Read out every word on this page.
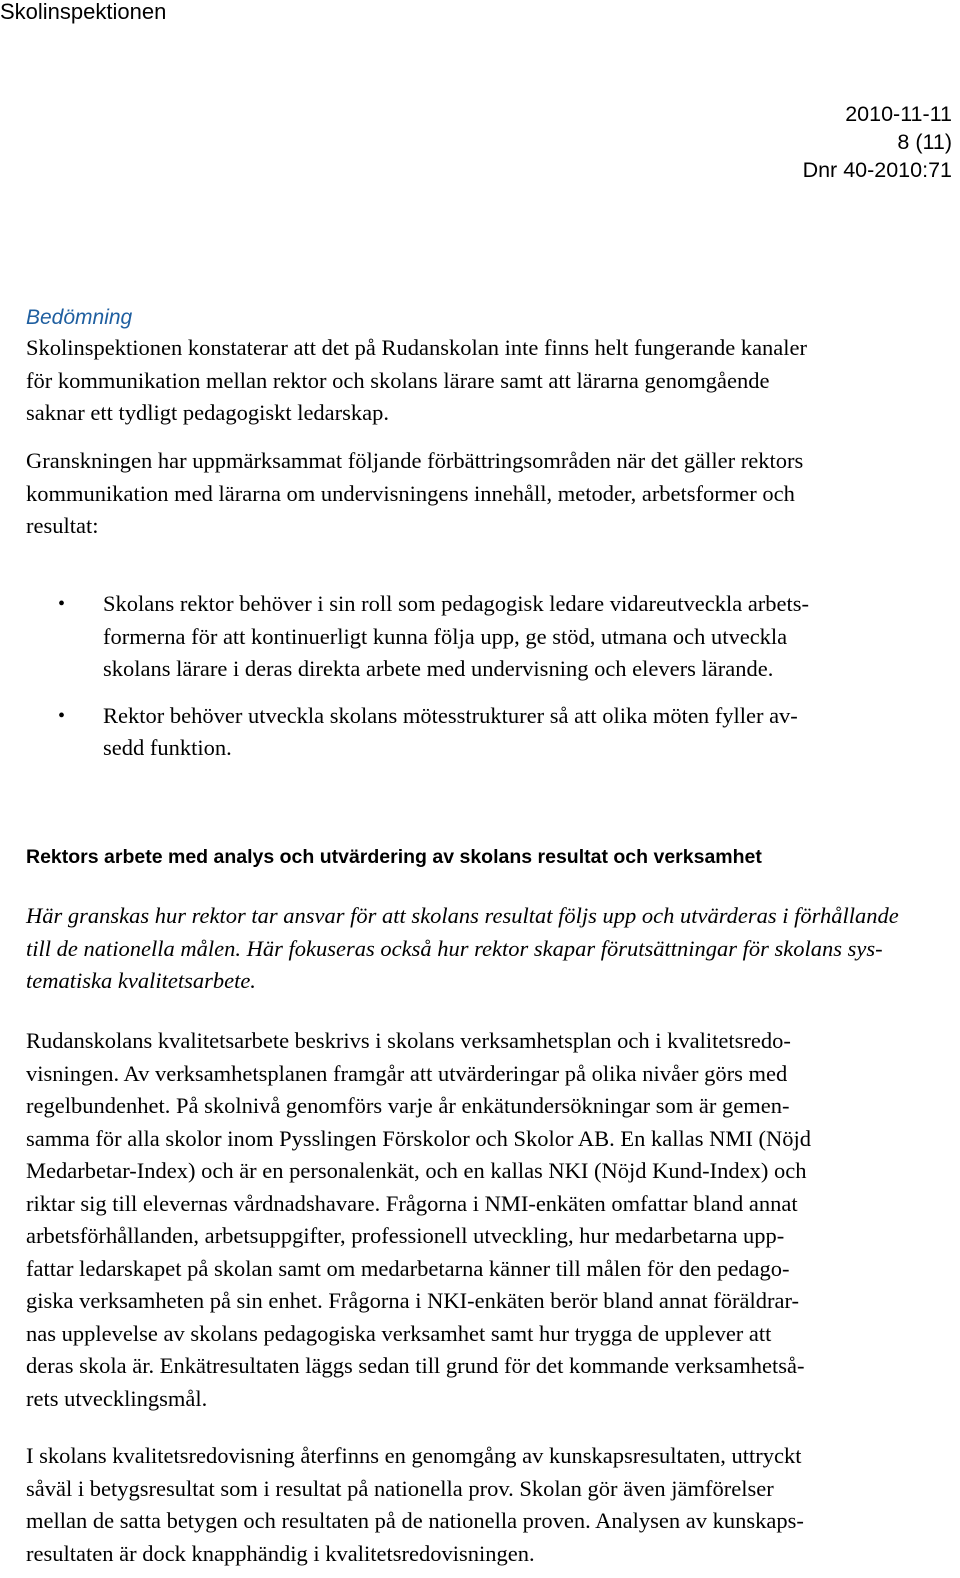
Skolinspektionen
2010-11-11
8 (11)
Dnr 40-2010:71
Bedömning

Skolinspektionen konstaterar att det på Rudanskolan inte finns helt fungerande kanaler
för kommunikation mellan rektor och skolans lärare samt att lärarna genomgående
saknar ett tydligt pedagogiskt ledarskap.

Granskningen har uppmärksammat följande förbättringsområden när det gäller rektors
kommunikation med lärarna om undervisningens innehåll, metoder, arbetsformer och
resultat:

•	Skolans rektor behöver i sin roll som pedagogisk ledare vidareutveckla arbets-
formerna för att kontinuerligt kunna följa upp, ge stöd, utmana och utveckla
skolans lärare i deras direkta arbete med undervisning och elevers lärande.
•	Rektor behöver utveckla skolans mötesstrukturer så att olika möten fyller av-
sedd funktion.
Rektors arbete med analys och utvärdering av skolans resultat och verksamhet

Här granskas hur rektor tar ansvar för att skolans resultat följs upp och utvärderas i förhållande
till de nationella målen. Här fokuseras också hur rektor skapar förutsättningar för skolans sys-
tematiska kvalitetsarbete.

Rudanskolans kvalitetsarbete beskrivs i skolans verksamhetsplan och i kvalitetsredo-
visningen. Av verksamhetsplanen framgår att utvärderingar på olika nivåer görs med
regelbundenhet. På skolnivå genomförs varje år enkätundersökningar som är gemen-
samma för alla skolor inom Pysslingen Förskolor och Skolor AB. En kallas NMI (Nöjd
Medarbetar-Index) och är en personalenkät, och en kallas NKI (Nöjd Kund-Index) och
riktar sig till elevernas vårdnadshavare. Frågorna i NMI-enkäten omfattar bland annat
arbetsförhållanden, arbetsuppgifter, professionell utveckling, hur medarbetarna upp-
fattar ledarskapet på skolan samt om medarbetarna känner till målen för den pedago-
giska verksamheten på sin enhet. Frågorna i NKI-enkäten berör bland annat föräldrar-
nas upplevelse av skolans pedagogiska verksamhet samt hur trygga de upplever att
deras skola är. Enkätresultaten läggs sedan till grund för det kommande verksamhetså-
rets utvecklingsmål.

I skolans kvalitetsredovisning återfinns en genomgång av kunskapsresultaten, uttryckt
såväl i betygsresultat som i resultat på nationella prov. Skolan gör även jämförelser
mellan de satta betygen och resultaten på de nationella proven. Analysen av kunskaps-
resultaten är dock knapphändig i kvalitetsredovisningen.
